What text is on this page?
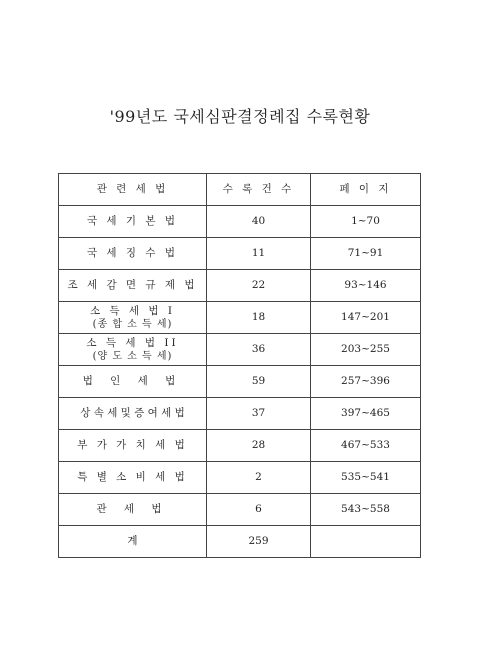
'99년도 국세심판결정례집 수록현황
관 련 세 법	수 록 건 수	페 이 지
국 세 기 본 법	40	1~70
국 세 징 수 법	11	71~91
조 세 감 면 규 제 법	22	93~146
소 득 세 법 I
(종 합 소 득 세)	18	147~201
소 득 세 법 II
(양 도 소 득 세)	36	203~255
법 인 세 법	59	257~396
상 속 세 및 증 여 세 법	37	397~465
부 가 가 치 세 법	28	467~533
특 별 소 비 세 법	2	535~541
관 세 법	6	543~558
계	259	
